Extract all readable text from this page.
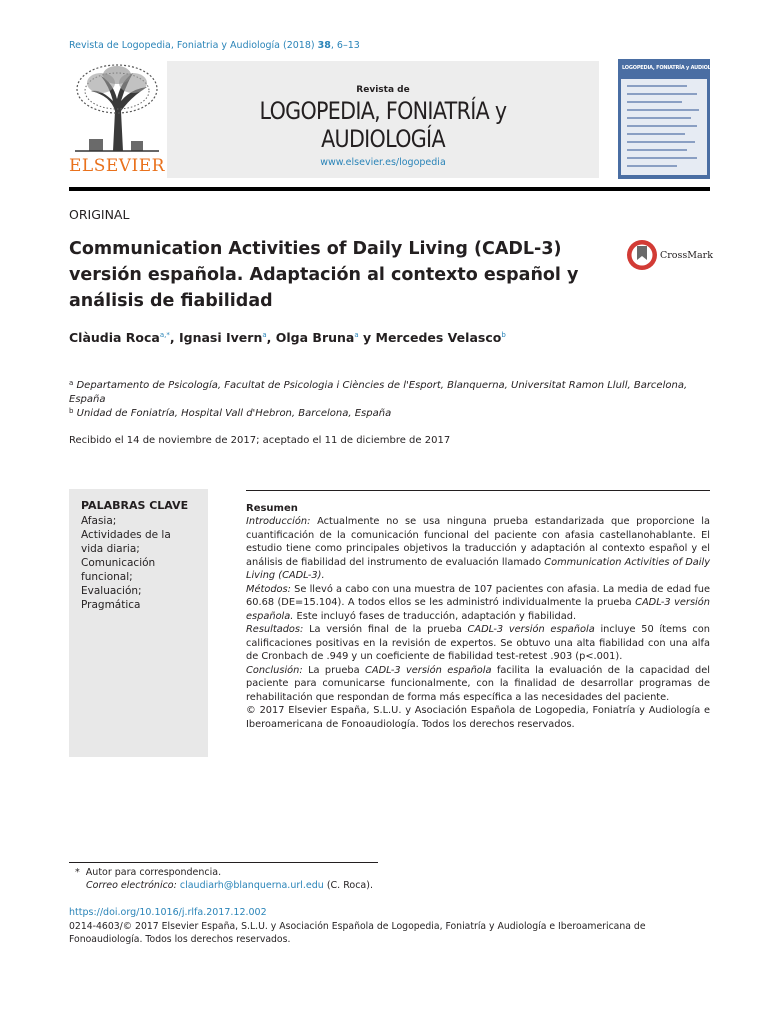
Revista de Logopedia, Foniatria y Audiología (2018) 38, 6–13
ELSEVIER
Revista de
LOGOPEDIA, FONIATRÍA y AUDIOLOGÍA
www.elsevier.es/logopedia
LOGOPEDIA, FONIATRÍA y AUDIOLOGÍA
ORIGINAL
Communication Activities of Daily Living (CADL-3) versión española. Adaptación al contexto español y análisis de fiabilidad
CrossMark
Clàudia Roca$^{a,*}$, Ignasi Ivern$^a$, Olga Bruna$^a$ y Mercedes Velasco$^b$
$^a$ Departamento de Psicología, Facultat de Psicologia i Ciències de l'Esport, Blanquerna, Universitat Ramon Llull, Barcelona, España
$^b$ Unidad de Foniatría, Hospital Vall d'Hebron, Barcelona, España
Recibido el 14 de noviembre de 2017; aceptado el 11 de diciembre de 2017
PALABRAS CLAVE
Afasia;
Actividades de la vida diaria;
Comunicación funcional;
Evaluación;
Pragmática
Resumen

Introducción: Actualmente no se usa ninguna prueba estandarizada que proporcione la cuantificación de la comunicación funcional del paciente con afasia castellanohablante. El estudio tiene como principales objetivos la traducción y adaptación al contexto español y el análisis de fiabilidad del instrumento de evaluación llamado Communication Activities of Daily Living (CADL-3).

Métodos: Se llevó a cabo con una muestra de 107 pacientes con afasia. La media de edad fue 60.68 (DE=15.104). A todos ellos se les administró individualmente la prueba CADL-3 versión española. Este incluyó fases de traducción, adaptación y fiabilidad.

Resultados: La versión final de la prueba CADL-3 versión española incluye 50 ítems con calificaciones positivas en la revisión de expertos. Se obtuvo una alta fiabilidad con una alfa de Cronbach de .949 y un coeficiente de fiabilidad test-retest .903 (p<.001).

Conclusión: La prueba CADL-3 versión española facilita la evaluación de la capacidad del paciente para comunicarse funcionalmente, con la finalidad de desarrollar programas de rehabilitación que respondan de forma más específica a las necesidades del paciente.

© 2017 Elsevier España, S.L.U. y Asociación Española de Logopedia, Foniatría y Audiología e Iberoamericana de Fonoaudiología. Todos los derechos reservados.

* Autor para correspondencia.
Correo electrónico: claudiarh@blanquerna.url.edu (C. Roca).
https://doi.org/10.1016/j.rlfa.2017.12.002
0214-4603/© 2017 Elsevier España, S.L.U. y Asociación Española de Logopedia, Foniatría y Audiología e Iberoamericana de Fonoaudiología. Todos los derechos reservados.
